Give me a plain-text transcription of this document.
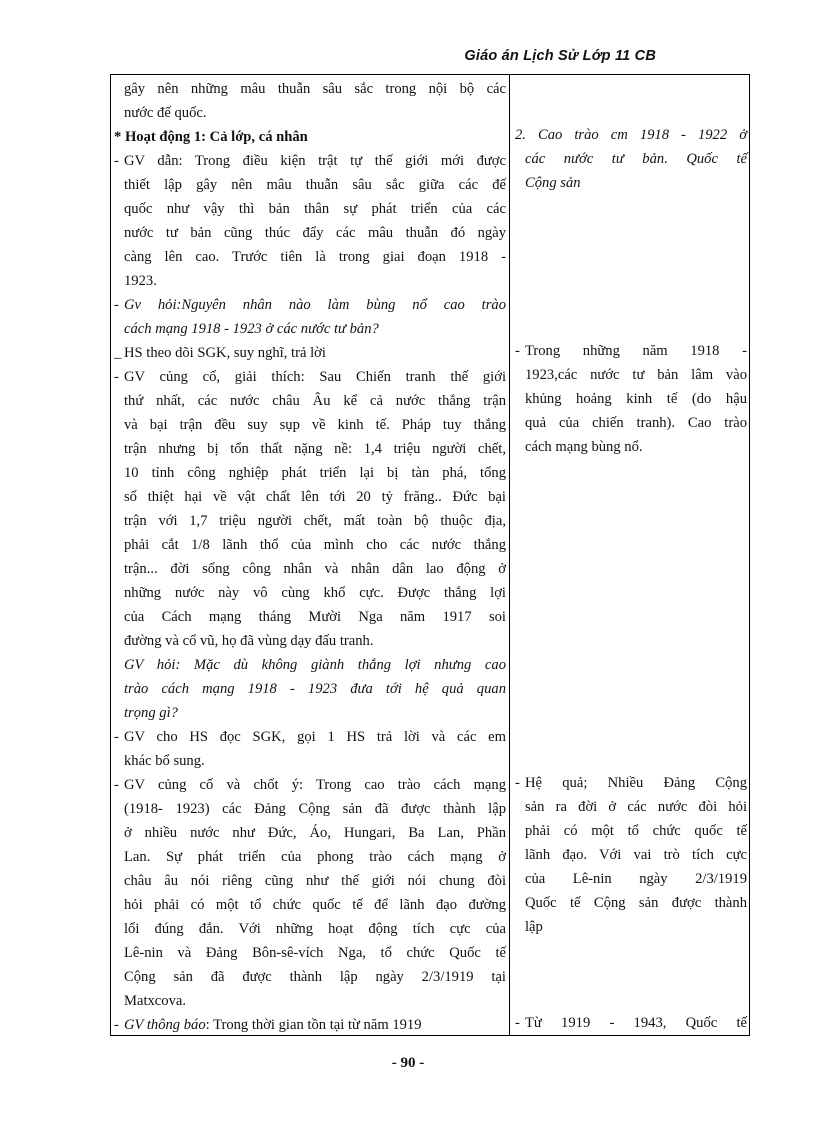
Giáo án Lịch Sử Lớp 11 CB
gây nên những mâu thuẫn sâu sắc trong nội bộ các
nước đế quốc.
* Hoạt động 1: Cả lớp, cá nhân
- GV dẫn: Trong điều kiện trật tự thế giới mới được
thiết lập gây nên mâu thuẫn sâu sắc giữa các đế
quốc như vậy thì bản thân sự phát triển của các
nước tư bản cũng thúc đẩy các mâu thuẫn đó ngày
càng lên cao. Trước tiên là trong giai đoạn 1918 -
1923.
- Gv hỏi:Nguyên nhân nào làm bùng nổ cao trào
cách mạng 1918 - 1923 ở các nước tư bản?
_ HS theo dõi SGK, suy nghĩ, trả lời
- GV củng cố, giải thích: Sau Chiến tranh thế giới
thứ nhất, các nước châu Âu kể cả nước thắng trận
và bại trận đều suy sụp về kinh tế. Pháp tuy thắng
trận nhưng bị tổn thất nặng nề: 1,4 triệu người chết,
10 tỉnh công nghiệp phát triển lại bị tàn phá, tổng
số thiệt hại về vật chất lên tới 20 tỷ frăng.. Đức bại
trận với 1,7 triệu người chết, mất toàn bộ thuộc địa,
phải cắt 1/8 lãnh thổ của mình cho các nước thắng
trận... đời sống công nhân và nhân dân lao động ở
những nước này vô cùng khổ cực. Được thắng lợi
của Cách mạng tháng Mười Nga năm 1917 soi
đường và cổ vũ, họ đã vùng dạy đấu tranh.
GV hỏi: Mặc dù không giành thắng lợi nhưng cao
trào cách mạng 1918 - 1923 đưa tới hệ quả quan
trọng gì?
- GV cho HS đọc SGK, gọi 1 HS trả lời và các em
khác bổ sung.
- GV củng cố và chốt ý: Trong cao trào cách mạng
(1918- 1923) các Đảng Cộng sản đã được thành lập
ở nhiều nước như Đức, Áo, Hungari, Ba Lan, Phần
Lan. Sự phát triển của phong trào cách mạng ở
châu âu nói riêng cũng như thế giới nói chung đòi
hỏi phải có một tổ chức quốc tế để lãnh đạo đường
lối đúng đắn. Với những hoạt động tích cực của
Lê-nin và Đảng Bôn-sê-vích Nga, tổ chức Quốc tế
Cộng sản đã được thành lập ngày 2/3/1919 tại
Matxcova.
- GV thông báo: Trong thời gian tồn tại từ năm 1919
2. Cao trào cm 1918 - 1922 ở
các nước tư bản. Quốc tế
Cộng sản
- Trong những năm 1918 -
1923,các nước tư bản lâm vào
khủng hoảng kinh tế (do hậu
quả của chiến tranh). Cao trào
cách mạng bùng nổ.
- Hệ quả; Nhiều Đảng Cộng
sản ra đời ở các nước đòi hỏi
phải có một tổ chức quốc tế
lãnh đạo. Với vai trò tích cực
của Lê-nin ngày 2/3/1919
Quốc tế Cộng sản được thành
lập
- Từ 1919 - 1943, Quốc tế
- 90 -
